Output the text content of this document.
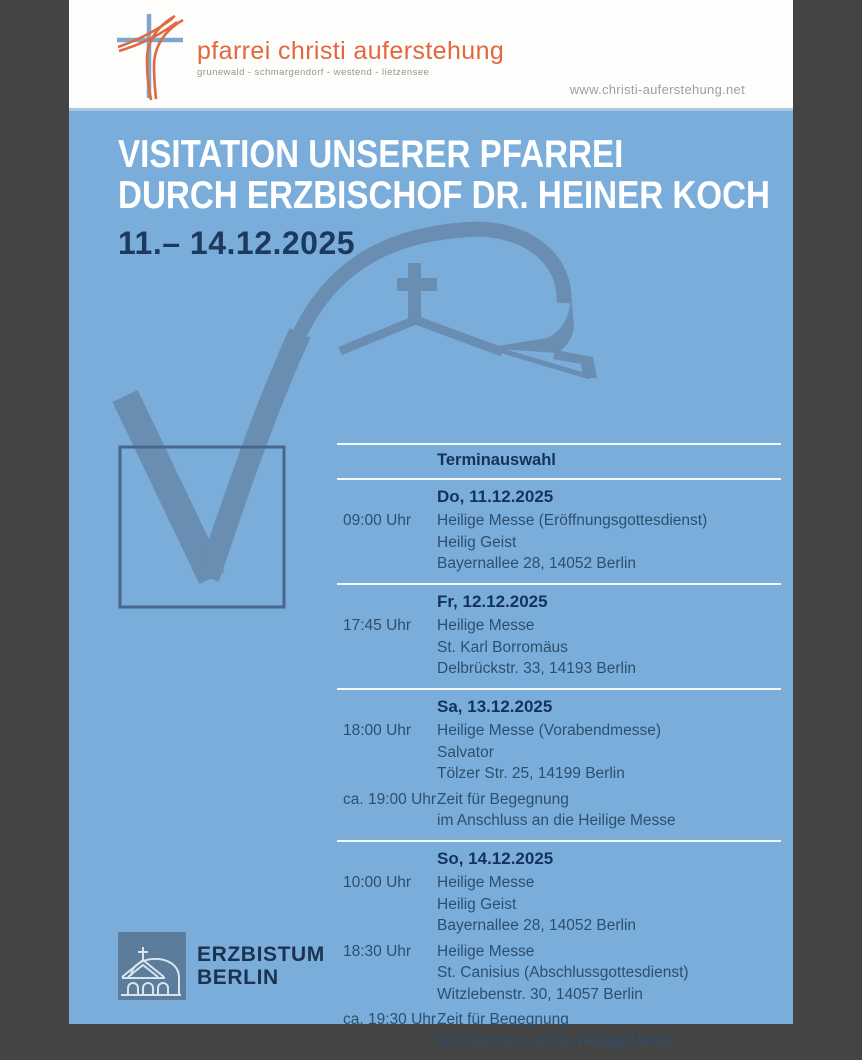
pfarrei christi auferstehung
grunewald - schmargendorf - westend - lietzensee
www.christi-auferstehung.net
VISITATION UNSERER PFARREI
DURCH ERZBISCHOF DR. HEINER KOCH
11.– 14.12.2025
Terminauswahl
Do, 11.12.2025
09:00 Uhr	Heilige Messe (Eröffnungsgottesdienst)
Heilig Geist
Bayernallee 28, 14052 Berlin
Fr, 12.12.2025
17:45 Uhr	Heilige Messe
St. Karl Borromäus
Delbrückstr. 33, 14193 Berlin
Sa, 13.12.2025
18:00 Uhr	Heilige Messe (Vorabendmesse)
Salvator
Tölzer Str. 25, 14199 Berlin
ca. 19:00 Uhr Zeit für Begegnung
im Anschluss an die Heilige Messe
So, 14.12.2025
10:00 Uhr	Heilige Messe
Heilig Geist
Bayernallee 28, 14052 Berlin
18:30 Uhr	Heilige Messe
St. Canisius (Abschlussgottesdienst)
Witzlebenstr. 30, 14057 Berlin
ca. 19:30 Uhr Zeit für Begegnung
im Anschluss an die Heilige Messe
ERZBISTUM
BERLIN
